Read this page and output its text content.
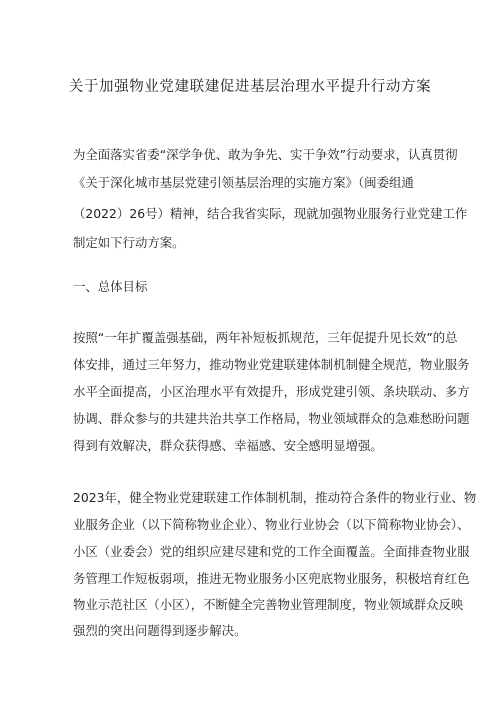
关于加强物业党建联建促进基层治理水平提升行动方案
为全面落实省委“深学争优、敢为争先、实干争效”行动要求，认真贯彻
《关于深化城市基层党建引领基层治理的实施方案》（闽委组通
（2022）26号）精神，结合我省实际，现就加强物业服务行业党建工作
制定如下行动方案。
一、总体目标
按照“一年扩覆盖强基础，两年补短板抓规范，三年促提升见长效”的总
体安排，通过三年努力，推动物业党建联建体制机制健全规范，物业服务
水平全面提高，小区治理水平有效提升，形成党建引领、条块联动、多方
协调、群众参与的共建共治共享工作格局，物业领域群众的急难愁盼问题
得到有效解决，群众获得感、幸福感、安全感明显增强。
2023年，健全物业党建联建工作体制机制，推动符合条件的物业行业、物
业服务企业（以下简称物业企业）、物业行业协会（以下简称物业协会）、
小区（业委会）党的组织应建尽建和党的工作全面覆盖。全面排查物业服
务管理工作短板弱项，推进无物业服务小区兜底物业服务，积极培育红色
物业示范社区（小区），不断健全完善物业管理制度，物业领域群众反映
强烈的突出问题得到逐步解决。
